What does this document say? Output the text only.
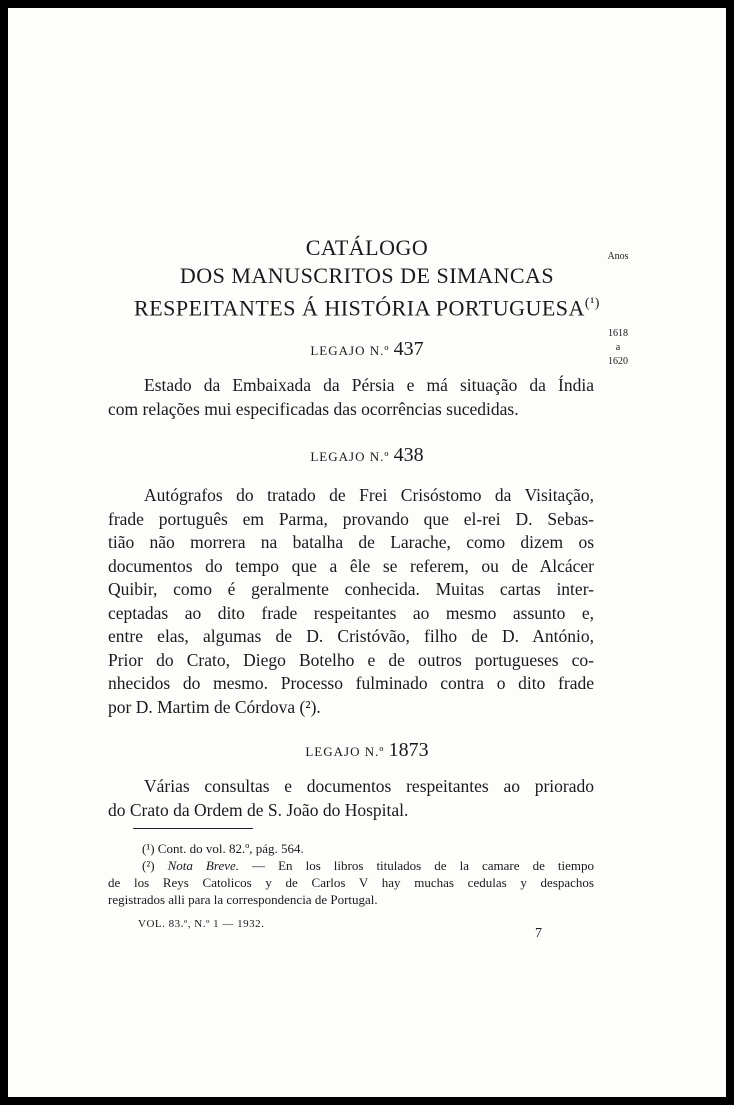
CATÁLOGO
DOS MANUSCRITOS DE SIMANCAS
RESPEITANTES Á HISTÓRIA $PORTUGUESA^{(^1)}$
Anos
1618
a
1620
LEGAJO N.º 437
Estado da Embaixada da Pérsia e má situação da Índia
com relações mui especificadas das ocorrências sucedidas.
LEGAJO N.º 438
Autógrafos do tratado de Frei Crisóstomo da Visitação,
frade português em Parma, provando que el-rei D. Sebas-
tião não morrera na batalha de Larache, como dizem os
documentos do tempo que a êle se referem, ou de Alcácer
Quibir, como é geralmente conhecida. Muitas cartas inter-
ceptadas ao dito frade respeitantes ao mesmo assunto e,
entre elas, algumas de D. Cristóvão, filho de D. António,
Prior do Crato, Diego Botelho e de outros portugueses co-
nhecidos do mesmo. Processo fulminado contra o dito frade
por D. Martim de Córdova (²).
LEGAJO N.º 1873
Várias consultas e documentos respeitantes ao priorado
do Crato da Ordem de S. João do Hospital.
(¹) Cont. do vol. 82.º, pág. 564.
(²) Nota Breve. — En los libros titulados de la camare de tiempo
de los Reys Catolicos y de Carlos V hay muchas cedulas y despachos
registrados alli para la correspondencia de Portugal.
VOL. 83.º, N.º 1 — 1932.
7
